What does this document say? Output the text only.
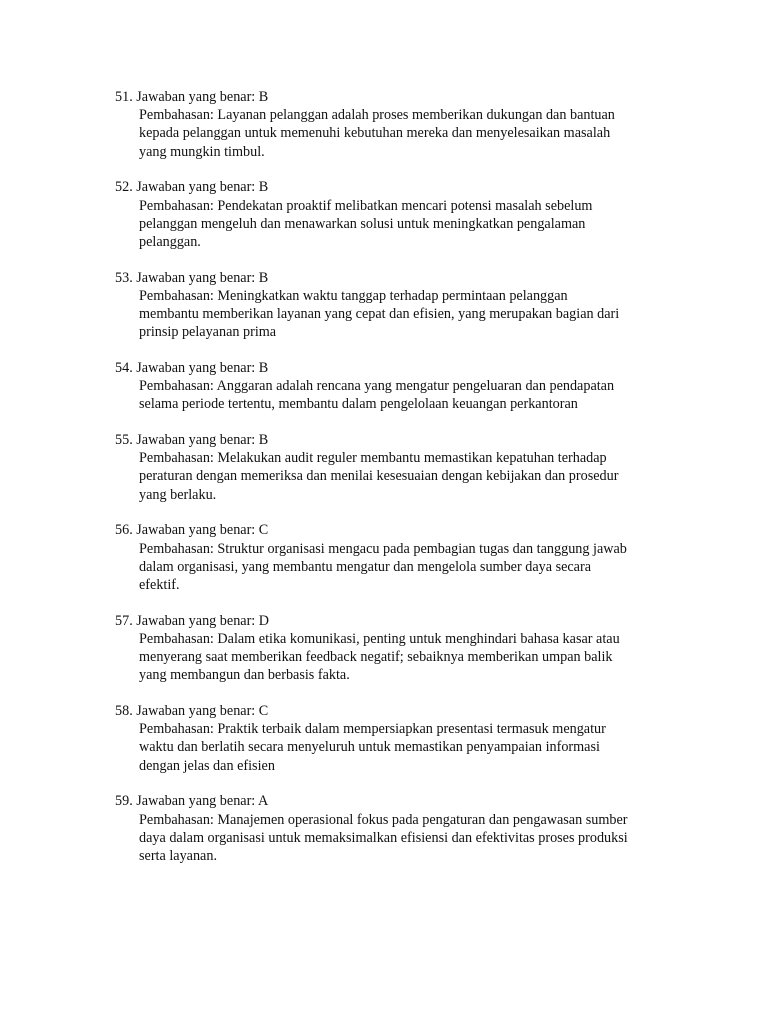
51. Jawaban yang benar: B
Pembahasan: Layanan pelanggan adalah proses memberikan dukungan dan bantuan
kepada pelanggan untuk memenuhi kebutuhan mereka dan menyelesaikan masalah
yang mungkin timbul.
52. Jawaban yang benar: B
Pembahasan: Pendekatan proaktif melibatkan mencari potensi masalah sebelum
pelanggan mengeluh dan menawarkan solusi untuk meningkatkan pengalaman
pelanggan.
53. Jawaban yang benar: B
Pembahasan: Meningkatkan waktu tanggap terhadap permintaan pelanggan
membantu memberikan layanan yang cepat dan efisien, yang merupakan bagian dari
prinsip pelayanan prima
54. Jawaban yang benar: B
Pembahasan: Anggaran adalah rencana yang mengatur pengeluaran dan pendapatan
selama periode tertentu, membantu dalam pengelolaan keuangan perkantoran
55. Jawaban yang benar: B
Pembahasan: Melakukan audit reguler membantu memastikan kepatuhan terhadap
peraturan dengan memeriksa dan menilai kesesuaian dengan kebijakan dan prosedur
yang berlaku.
56. Jawaban yang benar: C
Pembahasan: Struktur organisasi mengacu pada pembagian tugas dan tanggung jawab
dalam organisasi, yang membantu mengatur dan mengelola sumber daya secara
efektif.
57. Jawaban yang benar: D
Pembahasan: Dalam etika komunikasi, penting untuk menghindari bahasa kasar atau
menyerang saat memberikan feedback negatif; sebaiknya memberikan umpan balik
yang membangun dan berbasis fakta.
58. Jawaban yang benar: C
Pembahasan: Praktik terbaik dalam mempersiapkan presentasi termasuk mengatur
waktu dan berlatih secara menyeluruh untuk memastikan penyampaian informasi
dengan jelas dan efisien
59. Jawaban yang benar: A
Pembahasan: Manajemen operasional fokus pada pengaturan dan pengawasan sumber
daya dalam organisasi untuk memaksimalkan efisiensi dan efektivitas proses produksi
serta layanan.
